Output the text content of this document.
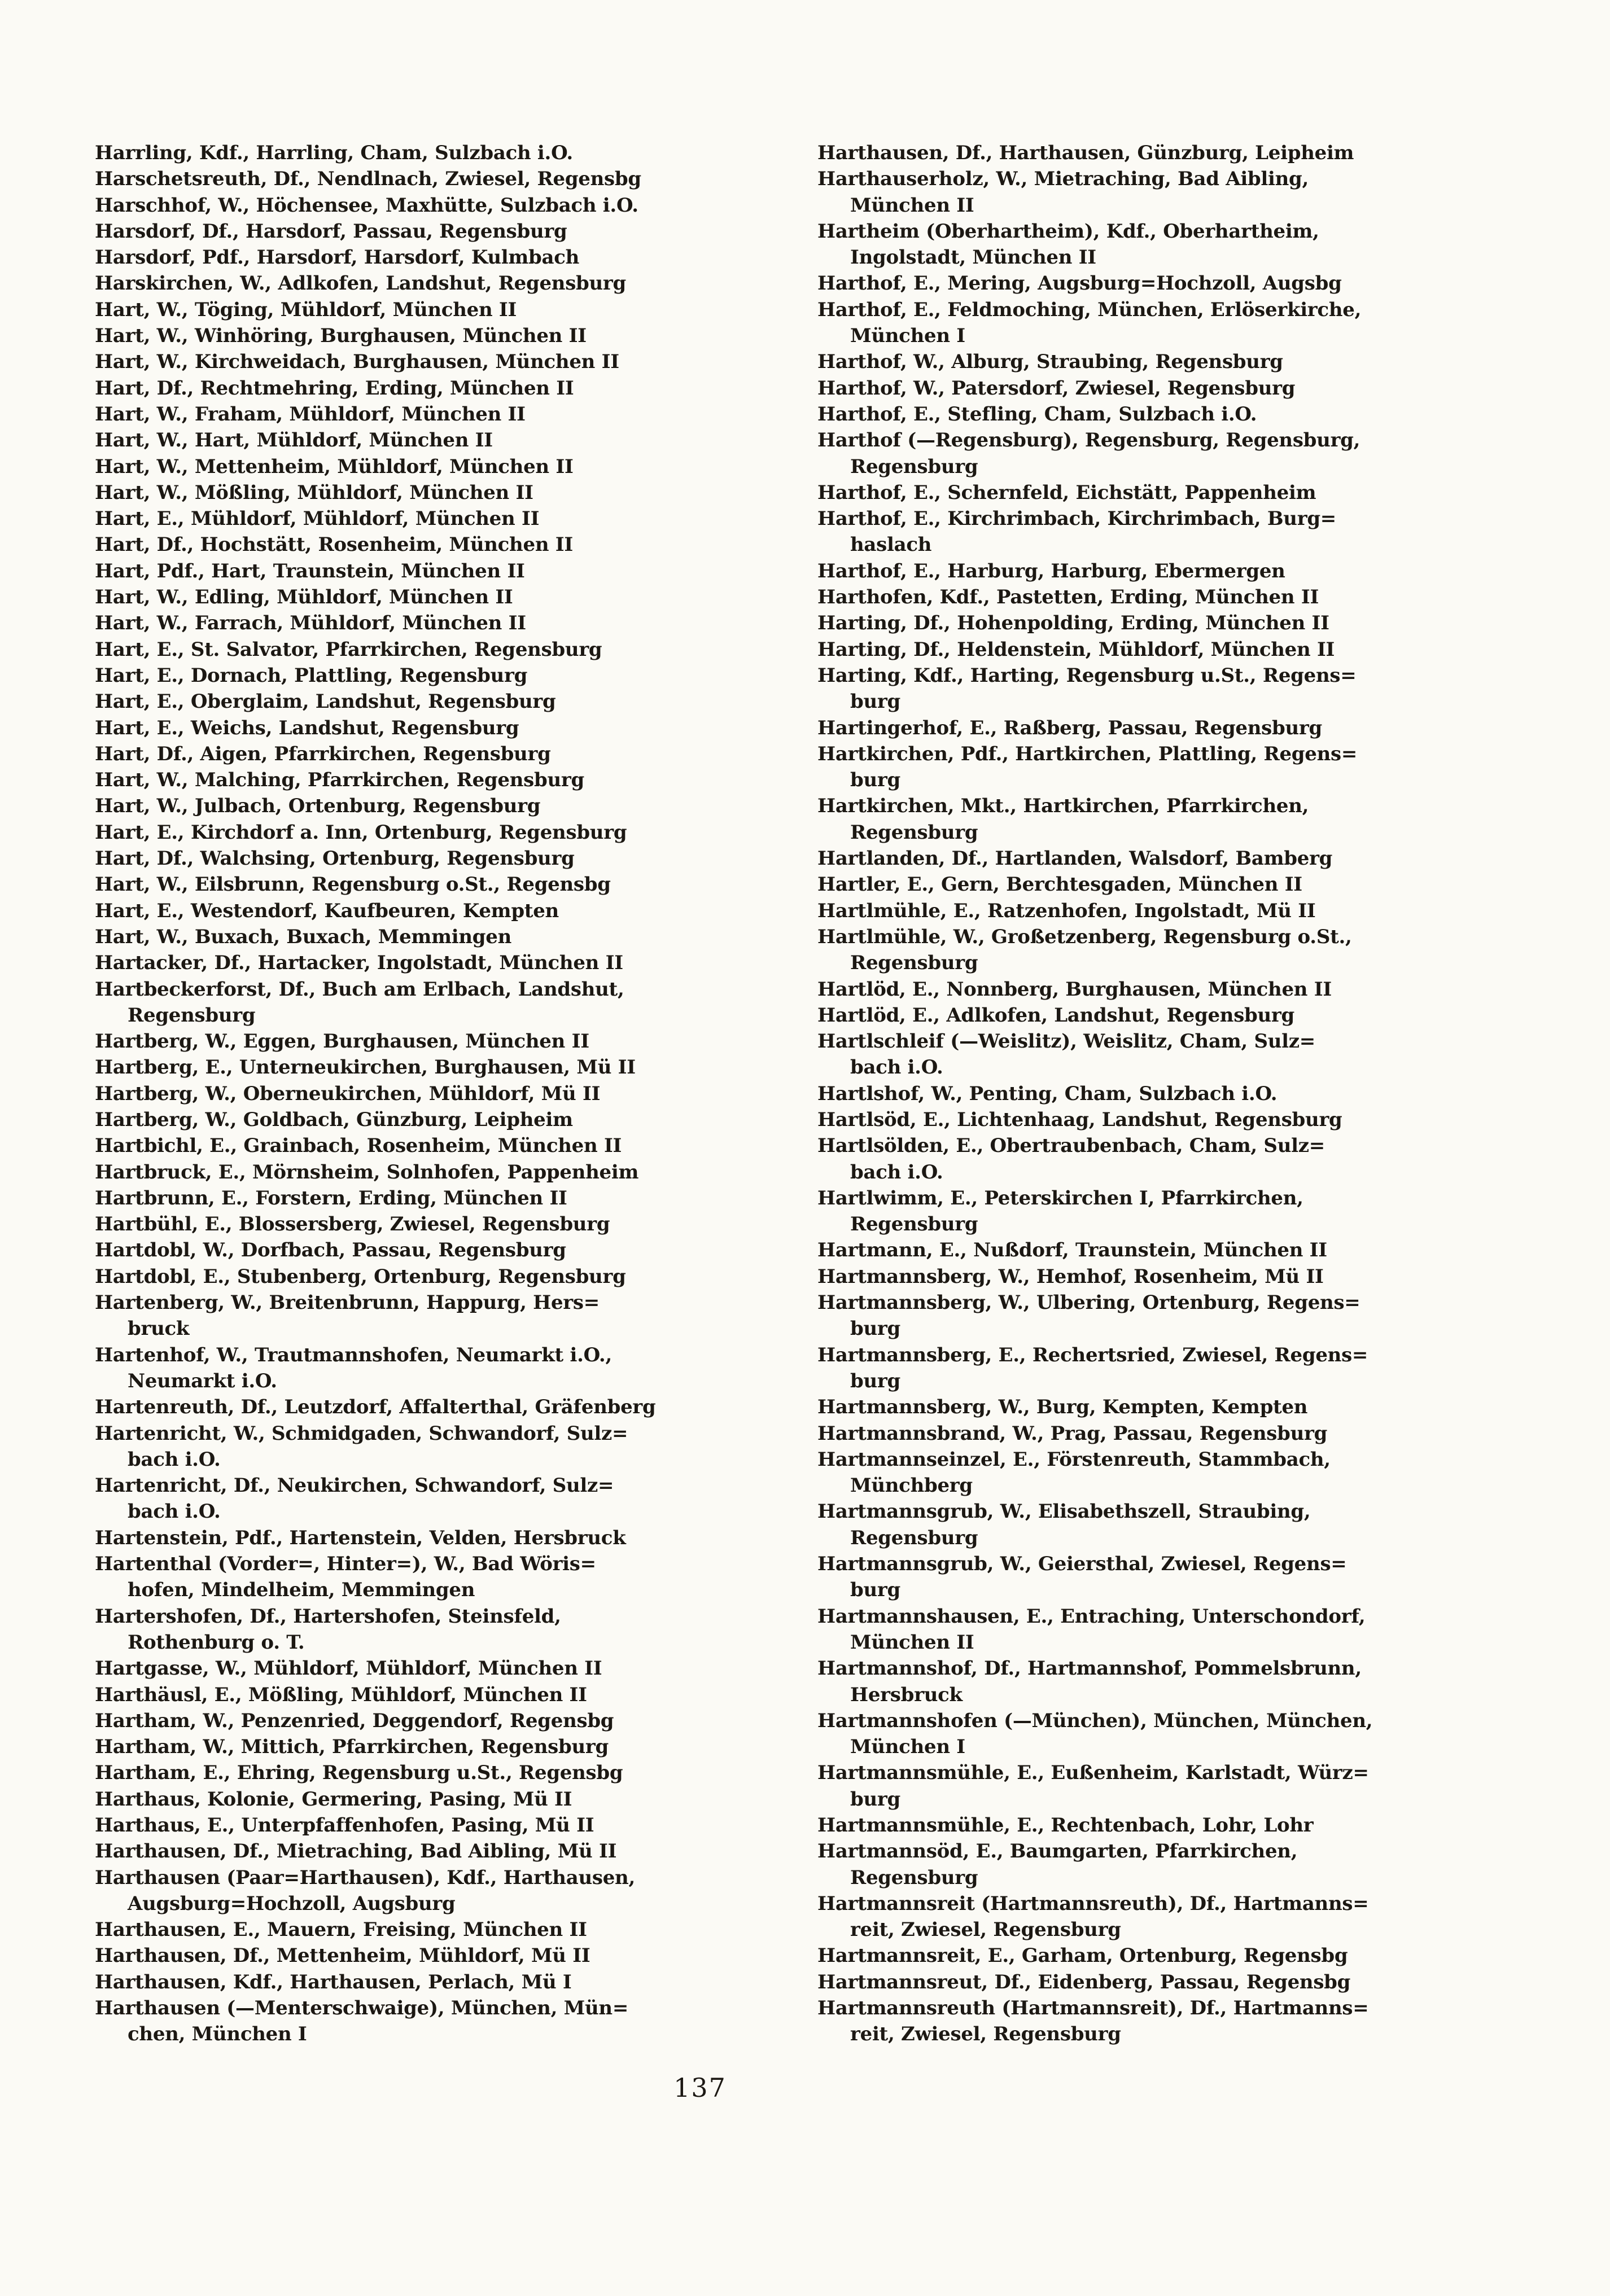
Harrling, Kdf., Harrling, Cham, Sulzbach i.O.

Harschetsreuth, Df., Nendlnach, Zwiesel, Regensbg

Harschhof, W., Höchensee, Maxhütte, Sulzbach i.O.

Harsdorf, Df., Harsdorf, Passau, Regensburg

Harsdorf, Pdf., Harsdorf, Harsdorf, Kulmbach

Harskirchen, W., Adlkofen, Landshut, Regensburg

Hart, W., Töging, Mühldorf, München II

Hart, W., Winhöring, Burghausen, München II

Hart, W., Kirchweidach, Burghausen, München II

Hart, Df., Rechtmehring, Erding, München II

Hart, W., Fraham, Mühldorf, München II

Hart, W., Hart, Mühldorf, München II

Hart, W., Mettenheim, Mühldorf, München II

Hart, W., Mößling, Mühldorf, München II

Hart, E., Mühldorf, Mühldorf, München II

Hart, Df., Hochstätt, Rosenheim, München II

Hart, Pdf., Hart, Traunstein, München II

Hart, W., Edling, Mühldorf, München II

Hart, W., Farrach, Mühldorf, München II

Hart, E., St. Salvator, Pfarrkirchen, Regensburg

Hart, E., Dornach, Plattling, Regensburg

Hart, E., Oberglaim, Landshut, Regensburg

Hart, E., Weichs, Landshut, Regensburg

Hart, Df., Aigen, Pfarrkirchen, Regensburg

Hart, W., Malching, Pfarrkirchen, Regensburg

Hart, W., Julbach, Ortenburg, Regensburg

Hart, E., Kirchdorf a. Inn, Ortenburg, Regensburg

Hart, Df., Walchsing, Ortenburg, Regensburg

Hart, W., Eilsbrunn, Regensburg o.St., Regensbg

Hart, E., Westendorf, Kaufbeuren, Kempten

Hart, W., Buxach, Buxach, Memmingen

Hartacker, Df., Hartacker, Ingolstadt, München II

Hartbeckerforst, Df., Buch am Erlbach, Landshut,
Regensburg

Hartberg, W., Eggen, Burghausen, München II

Hartberg, E., Unterneukirchen, Burghausen, Mü II

Hartberg, W., Oberneukirchen, Mühldorf, Mü II

Hartberg, W., Goldbach, Günzburg, Leipheim

Hartbichl, E., Grainbach, Rosenheim, München II

Hartbruck, E., Mörnsheim, Solnhofen, Pappenheim

Hartbrunn, E., Forstern, Erding, München II

Hartbühl, E., Blossersberg, Zwiesel, Regensburg

Hartdobl, W., Dorfbach, Passau, Regensburg

Hartdobl, E., Stubenberg, Ortenburg, Regensburg

Hartenberg, W., Breitenbrunn, Happurg, Hers=
bruck

Hartenhof, W., Trautmannshofen, Neumarkt i.O.,
Neumarkt i.O.

Hartenreuth, Df., Leutzdorf, Affalterthal, Gräfenberg

Hartenricht, W., Schmidgaden, Schwandorf, Sulz=
bach i.O.

Hartenricht, Df., Neukirchen, Schwandorf, Sulz=
bach i.O.

Hartenstein, Pdf., Hartenstein, Velden, Hersbruck

Hartenthal (Vorder=, Hinter=), W., Bad Wöris=
hofen, Mindelheim, Memmingen

Hartershofen, Df., Hartershofen, Steinsfeld,
Rothenburg o. T.

Hartgasse, W., Mühldorf, Mühldorf, München II

Harthäusl, E., Mößling, Mühldorf, München II

Hartham, W., Penzenried, Deggendorf, Regensbg

Hartham, W., Mittich, Pfarrkirchen, Regensburg

Hartham, E., Ehring, Regensburg u.St., Regensbg

Harthaus, Kolonie, Germering, Pasing, Mü II

Harthaus, E., Unterpfaffenhofen, Pasing, Mü II

Harthausen, Df., Mietraching, Bad Aibling, Mü II

Harthausen (Paar=Harthausen), Kdf., Harthausen,
Augsburg=Hochzoll, Augsburg

Harthausen, E., Mauern, Freising, München II

Harthausen, Df., Mettenheim, Mühldorf, Mü II

Harthausen, Kdf., Harthausen, Perlach, Mü I

Harthausen (—Menterschwaige), München, Mün=
chen, München I

Harthausen, Df., Harthausen, Günzburg, Leipheim

Harthauserholz, W., Mietraching, Bad Aibling,
München II

Hartheim (Oberhartheim), Kdf., Oberhartheim,
Ingolstadt, München II

Harthof, E., Mering, Augsburg=Hochzoll, Augsbg

Harthof, E., Feldmoching, München, Erlöserkirche,
München I

Harthof, W., Alburg, Straubing, Regensburg

Harthof, W., Patersdorf, Zwiesel, Regensburg

Harthof, E., Stefling, Cham, Sulzbach i.O.

Harthof (—Regensburg), Regensburg, Regensburg,
Regensburg

Harthof, E., Schernfeld, Eichstätt, Pappenheim

Harthof, E., Kirchrimbach, Kirchrimbach, Burg=
haslach

Harthof, E., Harburg, Harburg, Ebermergen

Harthofen, Kdf., Pastetten, Erding, München II

Harting, Df., Hohenpolding, Erding, München II

Harting, Df., Heldenstein, Mühldorf, München II

Harting, Kdf., Harting, Regensburg u.St., Regens=
burg

Hartingerhof, E., Raßberg, Passau, Regensburg

Hartkirchen, Pdf., Hartkirchen, Plattling, Regens=
burg

Hartkirchen, Mkt., Hartkirchen, Pfarrkirchen,
Regensburg

Hartlanden, Df., Hartlanden, Walsdorf, Bamberg

Hartler, E., Gern, Berchtesgaden, München II

Hartlmühle, E., Ratzenhofen, Ingolstadt, Mü II

Hartlmühle, W., Großetzenberg, Regensburg o.St.,
Regensburg

Hartlöd, E., Nonnberg, Burghausen, München II

Hartlöd, E., Adlkofen, Landshut, Regensburg

Hartlschleif (—Weislitz), Weislitz, Cham, Sulz=
bach i.O.

Hartlshof, W., Penting, Cham, Sulzbach i.O.

Hartlsöd, E., Lichtenhaag, Landshut, Regensburg

Hartlsölden, E., Obertraubenbach, Cham, Sulz=
bach i.O.

Hartlwimm, E., Peterskirchen I, Pfarrkirchen,
Regensburg

Hartmann, E., Nußdorf, Traunstein, München II

Hartmannsberg, W., Hemhof, Rosenheim, Mü II

Hartmannsberg, W., Ulbering, Ortenburg, Regens=
burg

Hartmannsberg, E., Rechertsried, Zwiesel, Regens=
burg

Hartmannsberg, W., Burg, Kempten, Kempten

Hartmannsbrand, W., Prag, Passau, Regensburg

Hartmannseinzel, E., Förstenreuth, Stammbach,
Münchberg

Hartmannsgrub, W., Elisabethszell, Straubing,
Regensburg

Hartmannsgrub, W., Geiersthal, Zwiesel, Regens=
burg

Hartmannshausen, E., Entraching, Unterschondorf,
München II

Hartmannshof, Df., Hartmannshof, Pommelsbrunn,
Hersbruck

Hartmannshofen (—München), München, München,
München I

Hartmannsmühle, E., Eußenheim, Karlstadt, Würz=
burg

Hartmannsmühle, E., Rechtenbach, Lohr, Lohr

Hartmannsöd, E., Baumgarten, Pfarrkirchen,
Regensburg

Hartmannsreit (Hartmannsreuth), Df., Hartmanns=
reit, Zwiesel, Regensburg

Hartmannsreit, E., Garham, Ortenburg, Regensbg

Hartmannsreut, Df., Eidenberg, Passau, Regensbg

Hartmannsreuth (Hartmannsreit), Df., Hartmanns=
reit, Zwiesel, Regensburg

137
